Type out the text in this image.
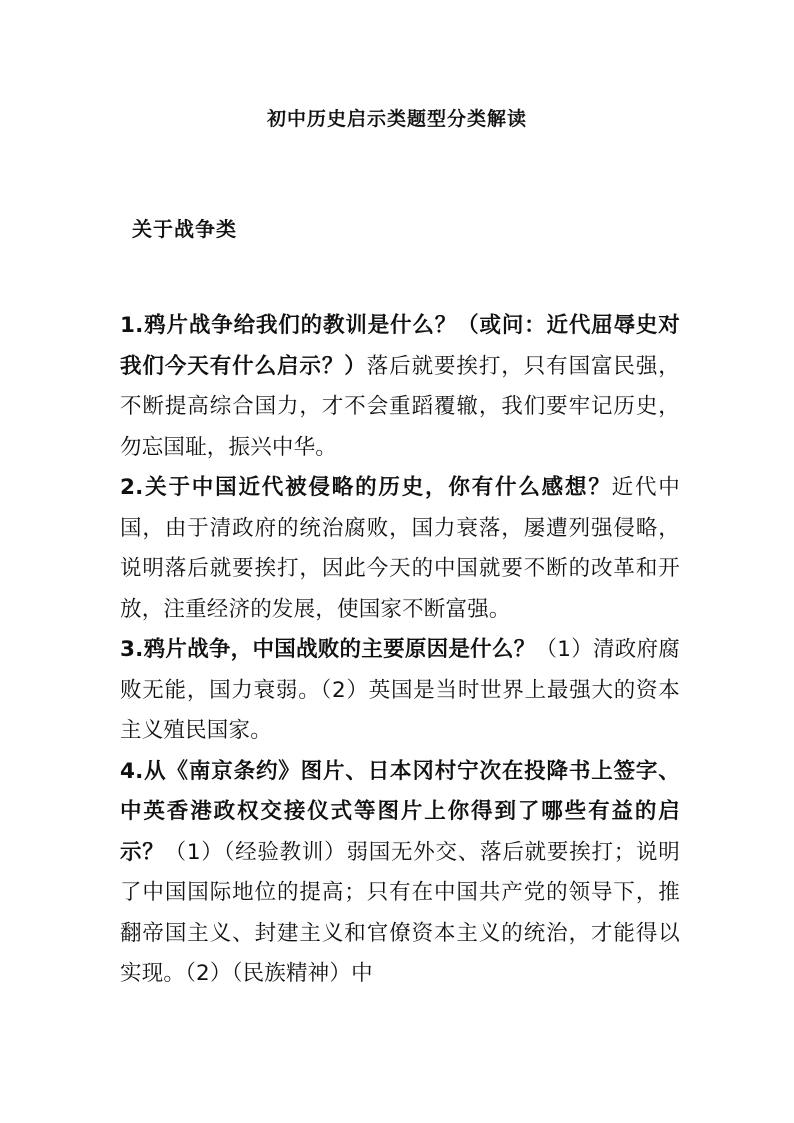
初中历史启示类题型分类解读
关于战争类

1.鸦片战争给我们的教训是什么？（或问：近代屈辱史对我们今天有什么启示？）落后就要挨打，只有国富民强，不断提高综合国力，才不会重蹈覆辙，我们要牢记历史，勿忘国耻，振兴中华。

2.关于中国近代被侵略的历史，你有什么感想？近代中国，由于清政府的统治腐败，国力衰落，屡遭列强侵略，说明落后就要挨打，因此今天的中国就要不断的改革和开放，注重经济的发展，使国家不断富强。

3.鸦片战争，中国战败的主要原因是什么？（1）清政府腐败无能，国力衰弱。（2）英国是当时世界上最强大的资本主义殖民国家。

4.从《南京条约》图片、日本冈村宁次在投降书上签字、中英香港政权交接仪式等图片上你得到了哪些有益的启示？（1）（经验教训）弱国无外交、落后就要挨打；说明了中国国际地位的提高；只有在中国共产党的领导下，推翻帝国主义、封建主义和官僚资本主义的统治，才能得以实现。（2）（民族精神）中
